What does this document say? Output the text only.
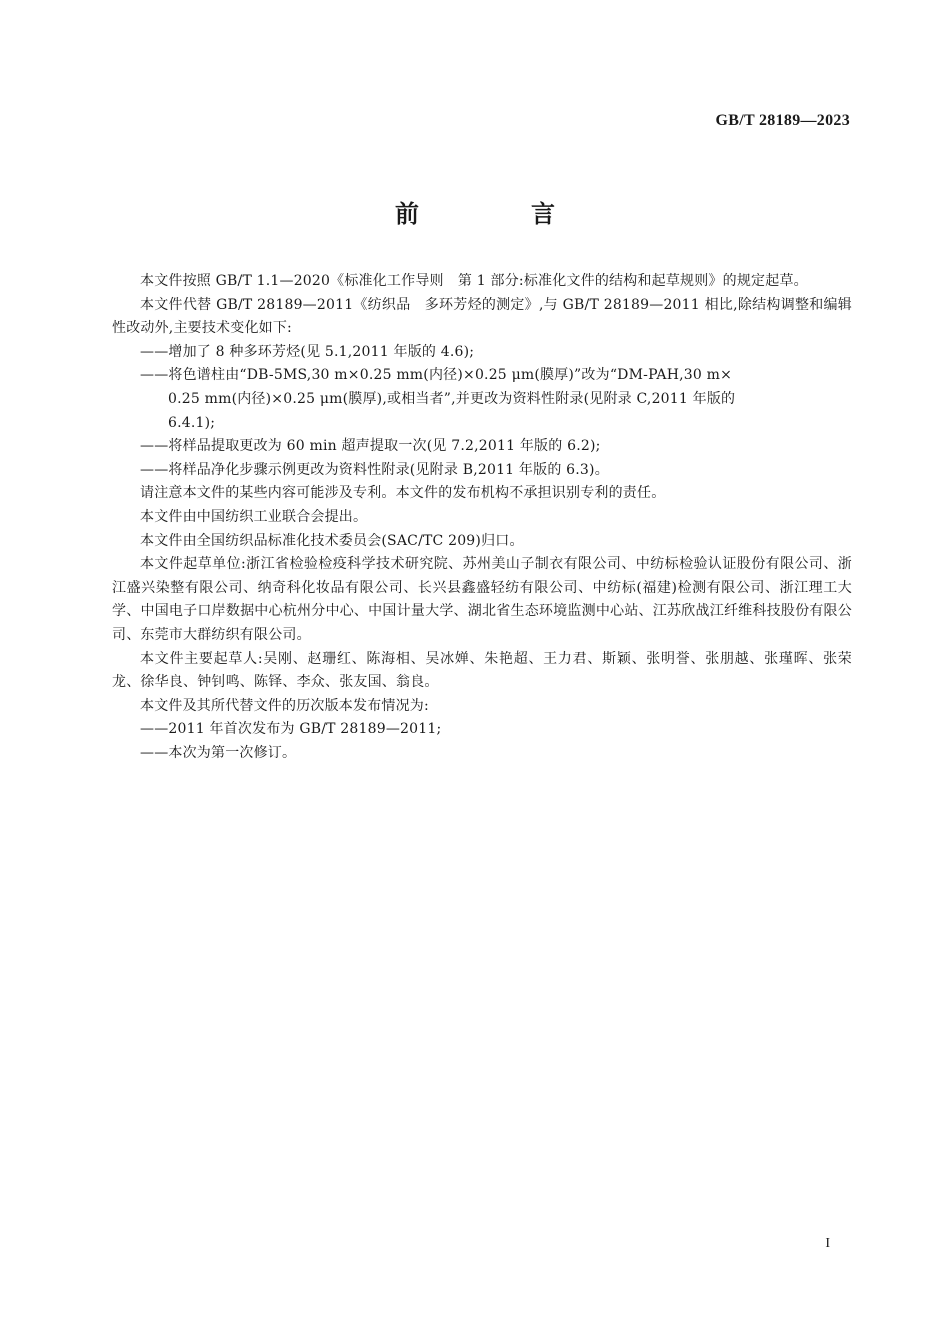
GB/T 28189—2023
前　言

本文件按照 GB/T 1.1—2020《标准化工作导则　第 1 部分:标准化文件的结构和起草规则》的规定起草。

本文件代替 GB/T 28189—2011《纺织品　多环芳烃的测定》,与 GB/T 28189—2011 相比,除结构调整和编辑性改动外,主要技术变化如下:

——增加了 8 种多环芳烃(见 5.1,2011 年版的 4.6);

——将色谱柱由“DB-5MS,30 m×0.25 mm(内径)×0.25 μm(膜厚)”改为“DM-PAH,30 m×
0.25 mm(内径)×0.25 μm(膜厚),或相当者”,并更改为资料性附录(见附录 C,2011 年版的
6.4.1);

——将样品提取更改为 60 min 超声提取一次(见 7.2,2011 年版的 6.2);

——将样品净化步骤示例更改为资料性附录(见附录 B,2011 年版的 6.3)。

请注意本文件的某些内容可能涉及专利。本文件的发布机构不承担识别专利的责任。

本文件由中国纺织工业联合会提出。

本文件由全国纺织品标准化技术委员会(SAC/TC 209)归口。

本文件起草单位:浙江省检验检疫科学技术研究院、苏州美山子制衣有限公司、中纺标检验认证股份有限公司、浙江盛兴染整有限公司、纳奇科化妆品有限公司、长兴县鑫盛轻纺有限公司、中纺标(福建)检测有限公司、浙江理工大学、中国电子口岸数据中心杭州分中心、中国计量大学、湖北省生态环境监测中心站、江苏欣战江纤维科技股份有限公司、东莞市大群纺织有限公司。

本文件主要起草人:吴刚、赵珊红、陈海相、吴冰婵、朱艳超、王力君、斯颖、张明誉、张朋越、张瑾晖、张荣龙、徐华良、钟钊鸣、陈铎、李众、张友国、翁良。

本文件及其所代替文件的历次版本发布情况为:

——2011 年首次发布为 GB/T 28189—2011;

——本次为第一次修订。

I
